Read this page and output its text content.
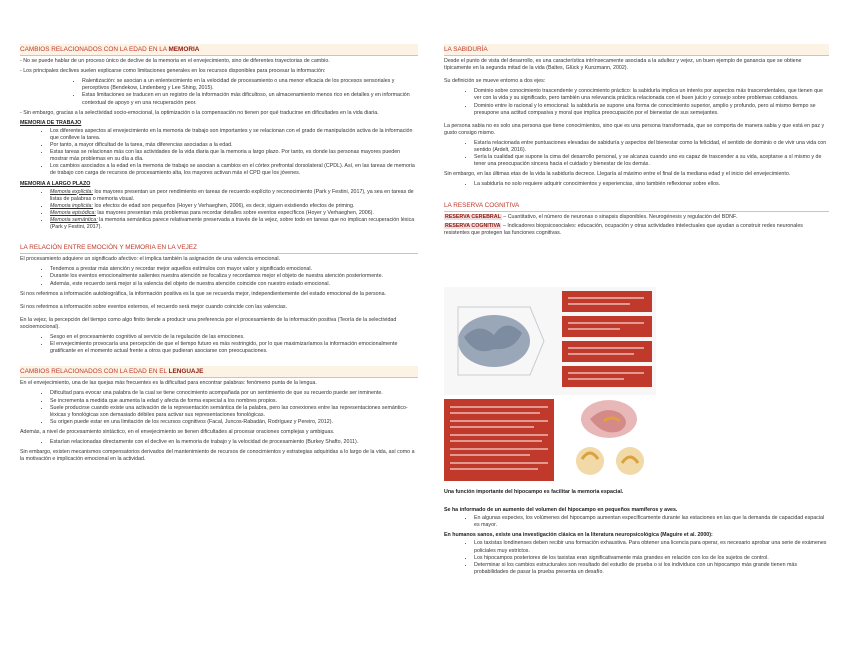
CAMBIOS RELACIONADOS CON LA EDAD EN LA MEMORIA

- No se puede hablar de un proceso único de declive de la memoria en el envejecimiento, sino de diferentes trayectorias de cambio.

- Los principales declives suelen explicarse como limitaciones generales en los recursos disponibles para procesar la información:

• Ralentización: se asocian a un enlentecimiento en la velocidad de procesamiento o una menor eficacia de los procesos sensoriales y perceptivos (Bendekow, Lindenberg y Lee Shing, 2015).
• Estas limitaciones se traducen en un registro de la información más dificultoso, un almacenamiento menos rico en detalles y en información contextual de apoyo y en una recuperación peor.

- Sin embargo, gracias a la selectividad socio-emocional, la optimización o la compensación no tienen por qué traducirse en dificultades en la vida diaria.

MEMORIA DE TRABAJO
• Los diferentes aspectos al envejecimiento en la memoria de trabajo son importantes y se relacionan con el grado de manipulación activa de la información que conlleve la tarea.
• Por tanto, a mayor dificultad de la tarea, más diferencias asociadas a la edad.
• Estas tareas se relacionan más con las actividades de la vida diaria que la memoria a largo plazo. Por tanto, es donde las personas mayores pueden mostrar más problemas en su día a día.
• Los cambios asociados a la edad en la memoria de trabajo se asocian a cambios en el córtex prefrontal dorsolateral (CPDL). Así, en las tareas de memoria de trabajo con carga de recursos de procesamiento alta, los mayores activan más el CPD que los jóvenes.
MEMORIA A LARGO PLAZO
• Memoria explícita: los mayores presentan un peor rendimiento en tareas de recuerdo explícito y reconocimiento (Park y Festini, 2017), ya sea en tareas de listas de palabras o memoria visual.
• Memoria implícita: los efectos de edad son pequeños (Hoyer y Verhaeghen, 2006), es decir, siguen existiendo efectos de priming.
• Memoria episódica: las mayores presentan más problemas para recordar detalles sobre eventos específicos (Hoyer y Verhaeghen, 2006).
• Memoria semántica: la memoria semántica parece relativamente preservada a través de la vejez, sobre todo en tareas que no implican recuperación léxica (Park y Festini, 2017).
LA RELACIÓN ENTRE EMOCIÓN Y MEMORIA EN LA VEJEZ

El procesamiento adquiere un significado afectivo: el implica también la asignación de una valencia emocional.

• Tendemos a prestar más atención y recordar mejor aquellos estímulos con mayor valor y significado emocional.
• Durante los eventos emocionalmente salientes nuestra atención se focaliza y recordamos mejor el objeto de nuestra atención posteriormente.
• Además, este recuerdo será mejor si la valencia del objeto de nuestra atención coincide con nuestro estado emocional.

Si nos referimos a información autobiográfica, la información positiva es la que se recuerda mejor, independientemente del estado emocional de la persona.

Si nos referimos a información sobre eventos externos, el recuerdo será mejor cuando coincide con las valencias.

En la vejez, la percepción del tiempo como algo finito tiende a producir una preferencia por el procesamiento de la información positiva (Teoría de la selectividad socioemocional).

• Sesgo en el procesamiento cognitivo al servicio de la regulación de las emociones.
• El envejecimiento provocaría una percepción de que el tiempo futuro es más restringido, por lo que maximizaríamos la información emocionalmente gratificante en el momento actual frente a otros que pudieran asociarse con preocupaciones.
CAMBIOS RELACIONADOS CON LA EDAD EN EL LENGUAJE

En el envejecimiento, una de las quejas más frecuentes es la dificultad para encontrar palabras: fenómeno punta de la lengua.

• Dificultad para evocar una palabra de la cual se tiene conocimiento acompañada por un sentimiento de que su recuerdo puede ser inminente.
• Se incrementa a medida que aumenta la edad y afecta de forma especial a los nombres propios.
• Suele producirse cuando existe una activación de la representación semántica de la palabra, pero las conexiones entre las representaciones semántico-léxicas y fonológicas son demasiado débiles para activar sus representaciones fonológicas.
• Su origen puede estar en una limitación de los recursos cognitivos (Facal, Juncos-Rabadán, Rodríguez y Pereiro, 2012).

Además, a nivel de procesamiento sintáctico, en el envejecimiento se tienen dificultades al procesar oraciones complejas y ambiguas.

• Estarían relacionadas directamente con el declive en la memoria de trabajo y la velocidad de procesamiento (Burkey Shafto, 2011).

Sin embargo, existen mecanismos compensatorios derivados del mantenimiento de recursos de conocimientos y estrategias adquiridas a lo largo de la vida, así como a la motivación e implicación emocional en la actividad.

LA SABIDURÍA

Desde el punto de vista del desarrollo, es una característica intrínsecamente asociada a la adultez y vejez, un buen ejemplo de ganancia que se obtiene típicamente en la segunda mitad de la vida (Baltes, Glück y Kunzmann, 2002).

Su definición se mueve entorno a dos ejes:

• Dominio sobre conocimiento trascendente y conocimiento práctico: la sabiduría implica un interés por aspectos más trascendentales, que tienen que ver con la vida y su significado, pero también una relevancia práctica relacionada con el buen juicio y consejo sobre problemas cotidianos.
• Dominio entre lo racional y lo emocional: la sabiduría se supone una forma de conocimiento superior, amplio y profundo, pero al mismo tiempo se presupone una actitud compasiva y moral que implica preocupación por el bienestar de sus semejantes.

La persona sabia no es solo una persona que tiene conocimientos, sino que es una persona transformada, que se comporta de manera sabia y que está en paz y gusto consigo mismo.

• Estaría relacionada entre puntuaciones elevadas de sabiduría y aspectos del bienestar como la felicidad, el sentido de dominio o de vivir una vida con sentido (Ardelt, 2016).
• Sería la cualidad que supone la cima del desarrollo personal, y se alcanza cuando uno es capaz de trascender a su vida, aceptarse a sí mismo y de tener una preocupación sincera hacia el cuidado y bienestar de los demás.

Sin embargo, en las últimas etas de la vida la sabiduría decrece. Llegaría al máximo entre el final de la mediana edad y el inicio del envejecimiento.

• La sabiduría no solo requiere adquirir conocimientos y experiencias, sino también reflexionar sobre ellos.
LA RESERVA COGNITIVA

RESERVA CEREBRAL – Cuantitativo, el número de neuronas o sinapsis disponibles. Neurogénesis y regulación del BDNF.

RESERVA COGNITIVA – Indicadores biopsicosociales: educación, ocupación y otras actividades intelectuales que ayudan a construir redes neuronales resistentes que protegen las funciones cognitivas.

Una función importante del hipocampo es facilitar la memoria espacial.

Se ha informado de un aumento del volumen del hipocampo en pequeños mamíferos y aves.

• En algunas especies, los volúmenes del hipocampo aumentan específicamente durante las estaciones en las que la demanda de capacidad espacial es mayor.

En humanos sanos, existe una investigación clásica en la literatura neuropsicológica (Maguire et al. 2000):

• Los taxistas londinenses deben recibir una formación exhaustiva. Para obtener una licencia para operar, es necesario aprobar una serie de exámenes policiales muy estrictos.
• Los hipocampos posteriores de los taxistas eran significativamente más grandes en relación con los de los sujetos de control.
• Determinar si los cambios estructurales son resultado del estudio de prueba o si los individuos con un hipocampo más grande tienen más probabilidades de pasar la prueba presenta un desafío.
